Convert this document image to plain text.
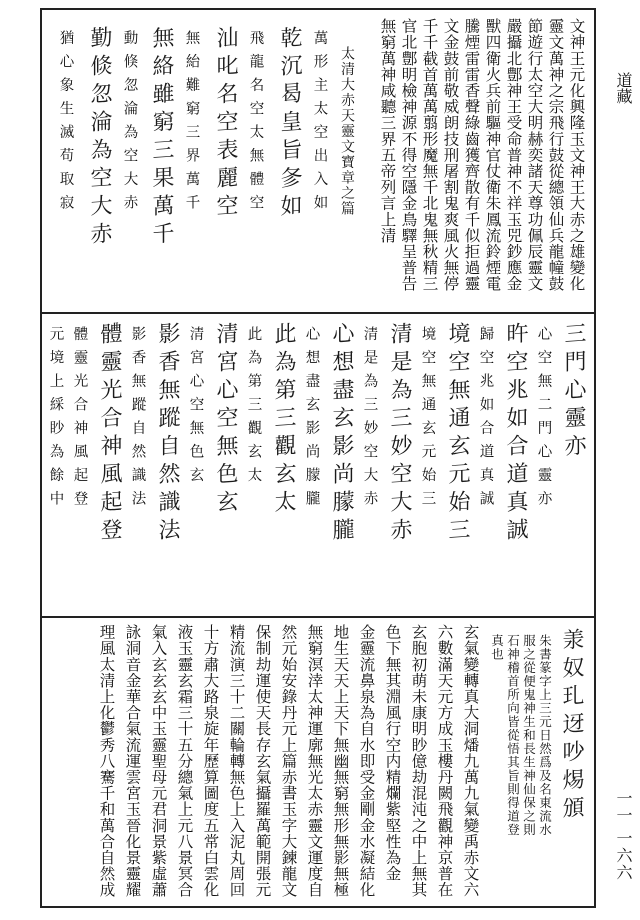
道藏
一一 一六六
文神王元化興隆玉文神王大赤之雄變化
靈文萬神之宗飛行鼓從總領仙兵龍幢鼓
節遊行太空大明赫奕諸天尊功佩辰靈文
嚴攝北鄷神王受命普神不祥玉兕鈔應金
獸四衛火兵前驅神官仗衛朱鳳流鈴煙電
騰煙雷雷香聲綠齒獲齊散有千似拒過靈
文金鼓前敬威朗技刑屠割鬼爽風火無停
千千截首萬萬翦形魔無千北鬼無秋精三
官北鄷明檢神源不得空隱金鳥驛呈普告
無窮萬神咸聽三界五帝列言上清
太清大赤天靈文寶章之篇
萬形主太空出入如
乾沉曷皇旨㣊如
飛龍名空太無體空
汕叱名空表麗空
無紿難窮三界萬千
無絡雖窮三果萬千
動倏忽淪為空大赤
勤倐忽淪為空大赤
猶心象生滅苟取寂
三門心靈亦
心空無二門心靈亦
旿空兆如合道真誠
歸空兆如合道真誠
境空無通玄元始三
境空無通玄元始三
清是為三妙空大赤
清是為三妙空大赤
心想盡玄影尚朦朧
心想盡玄影尚朦朧
此為第三觀玄太
此為第三觀玄太
清宮心空無色玄
清宮心空無色玄
影香無蹤自然識法
影香無蹤自然識法
體靈光合神風起登
體靈光合神風起登
元境上綵眇為餘中
𣴎奴玌迓吵焬頒
朱書篆字上三元日然爲及名東流水
服之從便鬼神生和長生神仙保之則
石神稽首所向皆從悟其旨則得道登
真也
玄氣變轉真大洞燔九萬九氣變禹赤文六
六數滿天元方成玉樓丹闕飛觀神京普在
玄胞初萌未康明眇億劫混沌之中上無其
色下無其淵風行空内精爛紫堅性為金
金靈流鼻泉為自水即受金剛金水凝結化
地生天天上天下無幽無窮無形無影無極
無窮溟涬太神運廓無光太赤靈文運度自
然元始安錄丹元上篇赤書玉字大鍊龍文
保制劫運使天長存玄氣攝羅萬範開張元
精流演三十二關輪轉無色上入泥丸周回
十方肅大路泉旋年歷算圖度五常白雲化
液玉靈玄霜三十五分總氣上元八景冥合
氣入玄玄玄中玉靈聖母元君洞景紫虛蕭
詠洞音金華合氣流運雲宮玉晉化景靈耀
理風太清上化鬱秀八騫千和萬合自然成
